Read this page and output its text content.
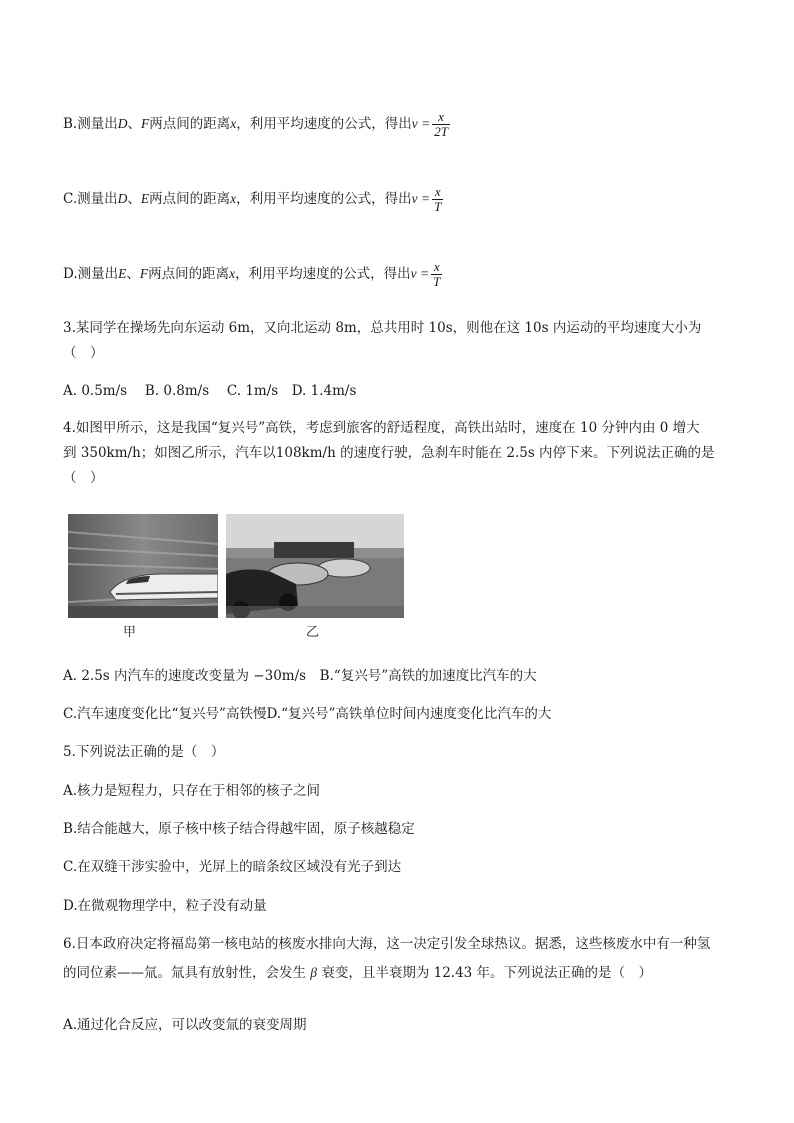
B.测量出D、F两点间的距离x，利用平均速度的公式，得出$v = \frac{x}{2T}$
C.测量出D、E两点间的距离x，利用平均速度的公式，得出$v = \frac{x}{T}$
D.测量出E、F两点间的距离x，利用平均速度的公式，得出$v = \frac{x}{T}$
3.某同学在操场先向东运动 6m，又向北运动 8m，总共用时 10s，则他在这 10s 内运动的平均速度大小为
（　）
A. 0.5m/s　 B. 0.8m/s　 C. 1m/s　D. 1.4m/s
4.如图甲所示，这是我国“复兴号”高铁，考虑到旅客的舒适程度，高铁出站时，速度在 10 分钟内由 0 增大
到 350km/h；如图乙所示，汽车以108km/h 的速度行驶，急刹车时能在 2.5s 内停下来。下列说法正确的是
（　）
甲	乙
A. 2.5s 内汽车的速度改变量为 −30m/s　B.“复兴号”高铁的加速度比汽车的大
C.汽车速度变化比“复兴号”高铁慢D.“复兴号”高铁单位时间内速度变化比汽车的大
5.下列说法正确的是（　）
A.核力是短程力，只存在于相邻的核子之间
B.结合能越大，原子核中核子结合得越牢固，原子核越稳定
C.在双缝干涉实验中，光屏上的暗条纹区域没有光子到达
D.在微观物理学中，粒子没有动量
6.日本政府决定将福岛第一核电站的核废水排向大海，这一决定引发全球热议。据悉，这些核废水中有一种氢
的同位素——氚。氚具有放射性，会发生 β 衰变，且半衰期为 12.43 年。下列说法正确的是（　）
A.通过化合反应，可以改变氚的衰变周期
